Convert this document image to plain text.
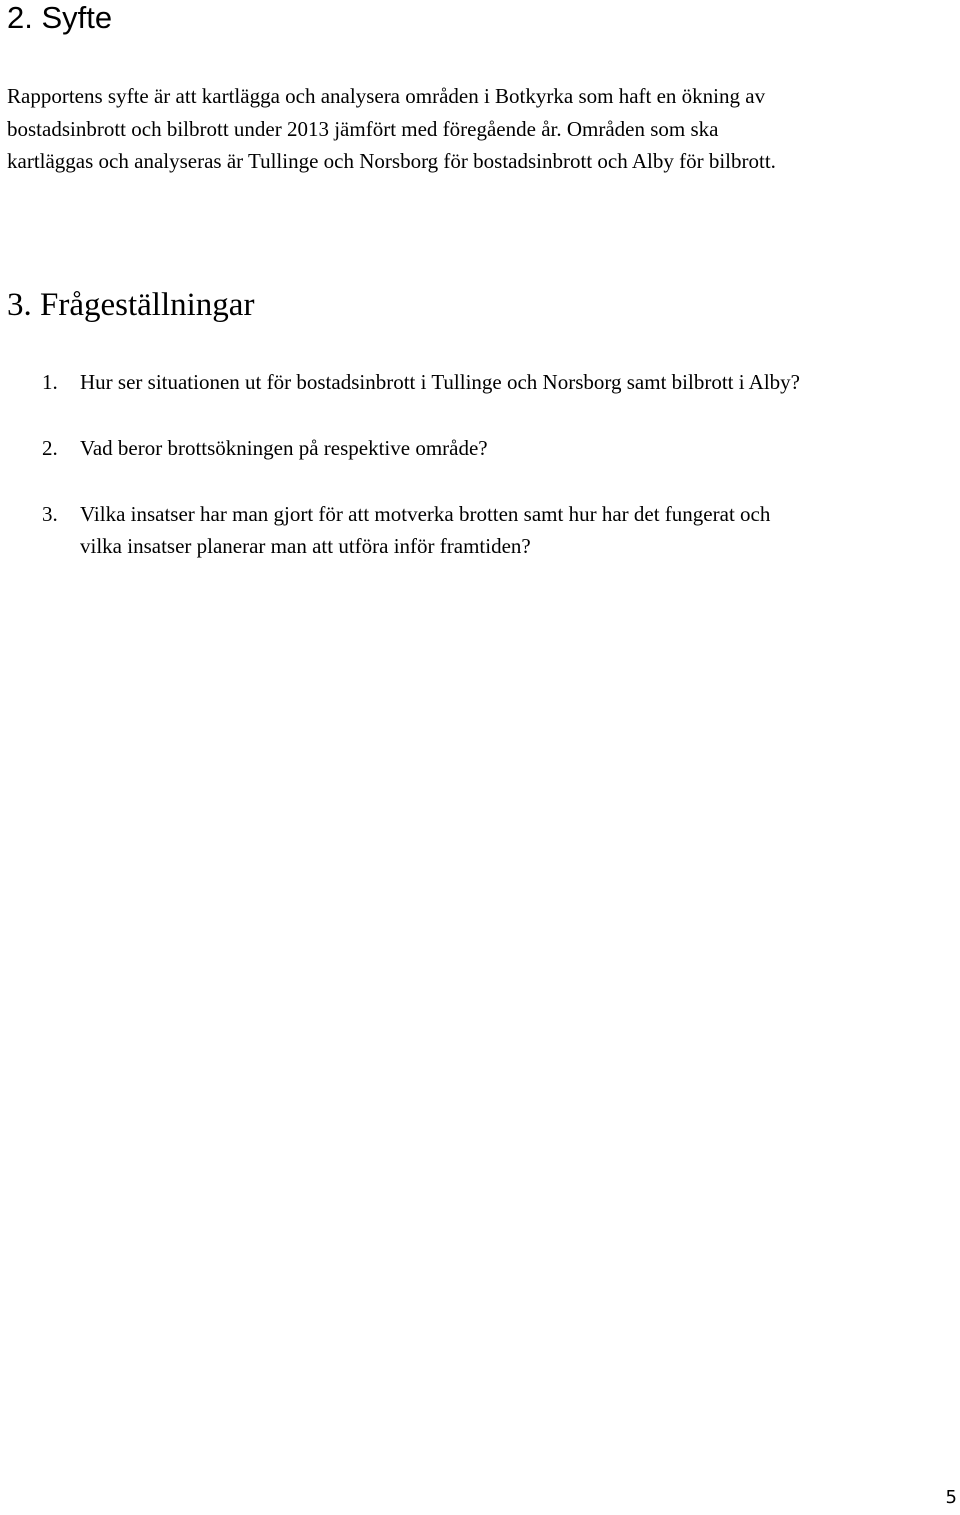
2. Syfte

Rapportens syfte är att kartlägga och analysera områden i Botkyrka som haft en ökning av
bostadsinbrott och bilbrott under 2013 jämfört med föregående år. Områden som ska
kartläggas och analyseras är Tullinge och Norsborg för bostadsinbrott och Alby för bilbrott.

3. Frågeställningar
1. Hur ser situationen ut för bostadsinbrott i Tullinge och Norsborg samt bilbrott i Alby?
2. Vad beror brottsökningen på respektive område?
3. Vilka insatser har man gjort för att motverka brotten samt hur har det fungerat och
vilka insatser planerar man att utföra inför framtiden?
5
